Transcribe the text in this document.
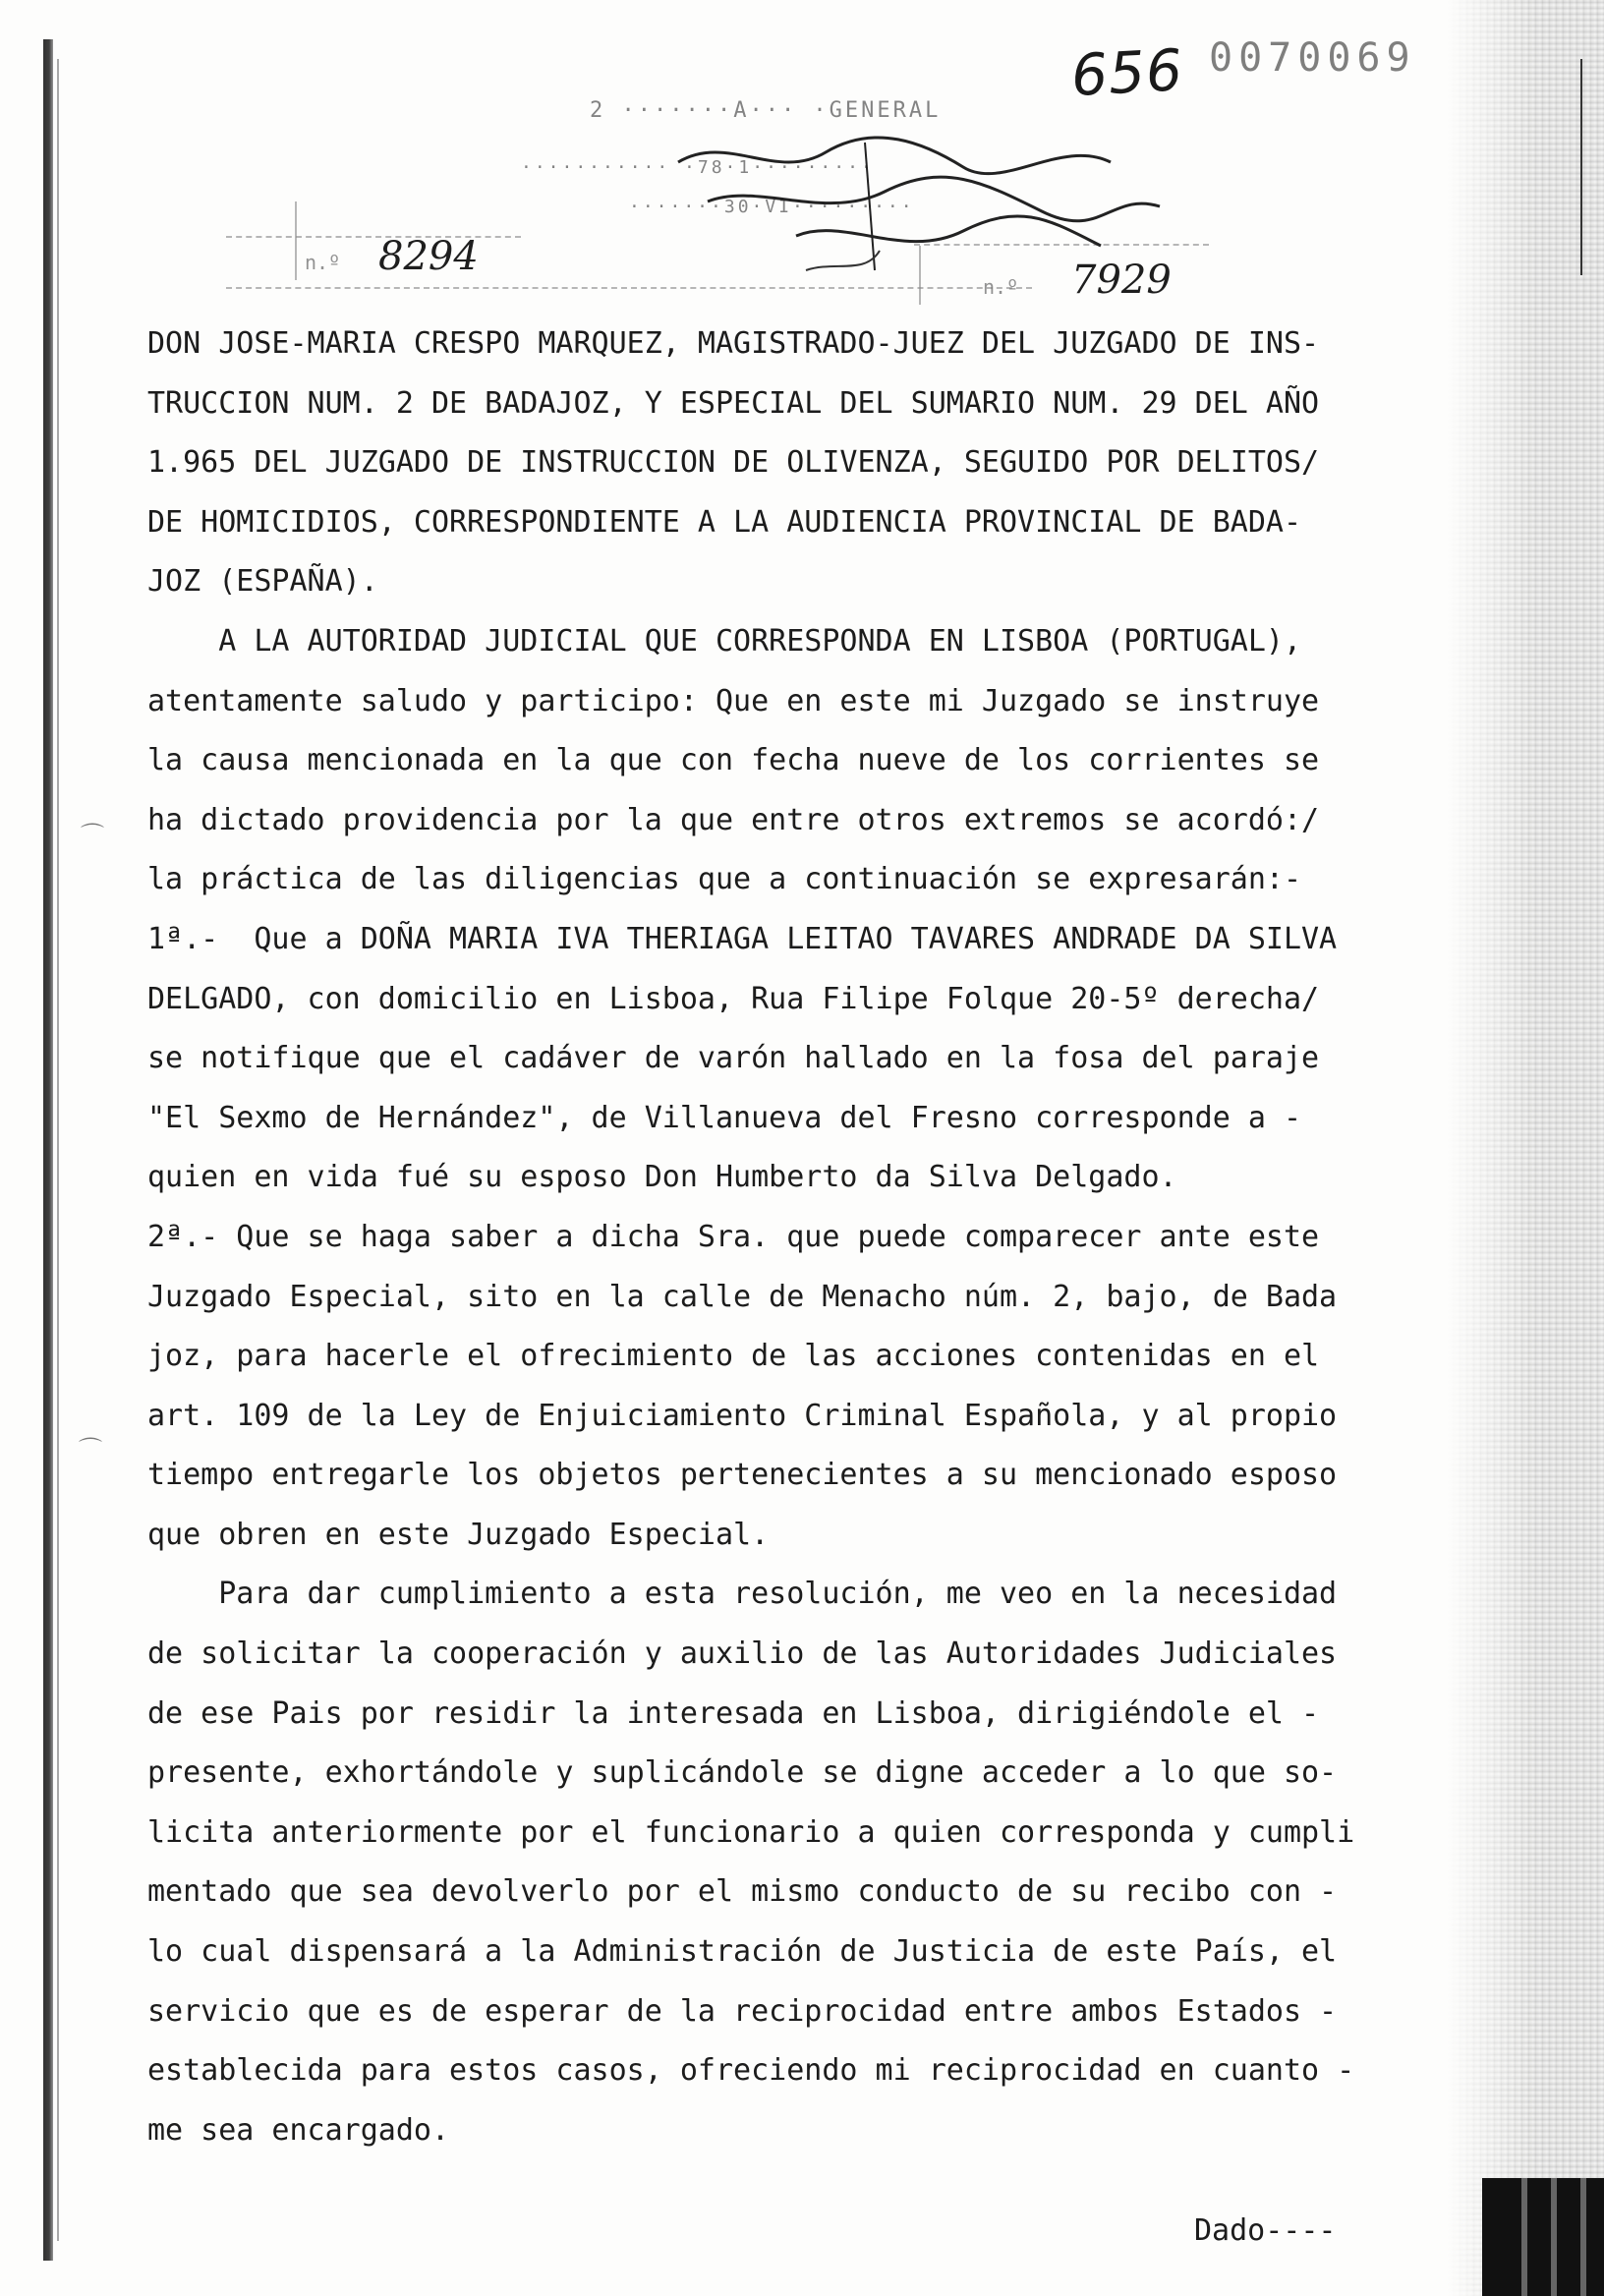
656 0070069
2 ·······A··· ·GENERAL
··········· ·78·1·········
·······30·VI·········
n.º 8294
n.º 7929
⌒
⌒
DON JOSE-MARIA CRESPO MARQUEZ, MAGISTRADO-JUEZ DEL JUZGADO DE INS-
TRUCCION NUM. 2 DE BADAJOZ, Y ESPECIAL DEL SUMARIO NUM. 29 DEL AÑO
1.965 DEL JUZGADO DE INSTRUCCION DE OLIVENZA, SEGUIDO POR DELITOS/
DE HOMICIDIOS, CORRESPONDIENTE A LA AUDIENCIA PROVINCIAL DE BADA-
JOZ (ESPAÑA).
A LA AUTORIDAD JUDICIAL QUE CORRESPONDA EN LISBOA (PORTUGAL),
atentamente saludo y participo: Que en este mi Juzgado se instruye
la causa mencionada en la que con fecha nueve de los corrientes se
ha dictado providencia por la que entre otros extremos se acordó:/
la práctica de las diligencias que a continuación se expresarán:-
1ª.-  Que a DOÑA MARIA IVA THERIAGA LEITAO TAVARES ANDRADE DA SILVA
DELGADO, con domicilio en Lisboa, Rua Filipe Folque 20-5º derecha/
se notifique que el cadáver de varón hallado en la fosa del paraje
"El Sexmo de Hernández", de Villanueva del Fresno corresponde a -
quien en vida fué su esposo Don Humberto da Silva Delgado.
2ª.- Que se haga saber a dicha Sra. que puede comparecer ante este
Juzgado Especial, sito en la calle de Menacho núm. 2, bajo, de Bada
joz, para hacerle el ofrecimiento de las acciones contenidas en el
art. 109 de la Ley de Enjuiciamiento Criminal Española, y al propio
tiempo entregarle los objetos pertenecientes a su mencionado esposo
que obren en este Juzgado Especial.
Para dar cumplimiento a esta resolución, me veo en la necesidad
de solicitar la cooperación y auxilio de las Autoridades Judiciales
de ese Pais por residir la interesada en Lisboa, dirigiéndole el -
presente, exhortándole y suplicándole se digne acceder a lo que so-
licita anteriormente por el funcionario a quien corresponda y cumpli
mentado que sea devolverlo por el mismo conducto de su recibo con -
lo cual dispensará a la Administración de Justicia de este País, el
servicio que es de esperar de la reciprocidad entre ambos Estados -
establecida para estos casos, ofreciendo mi reciprocidad en cuanto -
me sea encargado.
Dado----
